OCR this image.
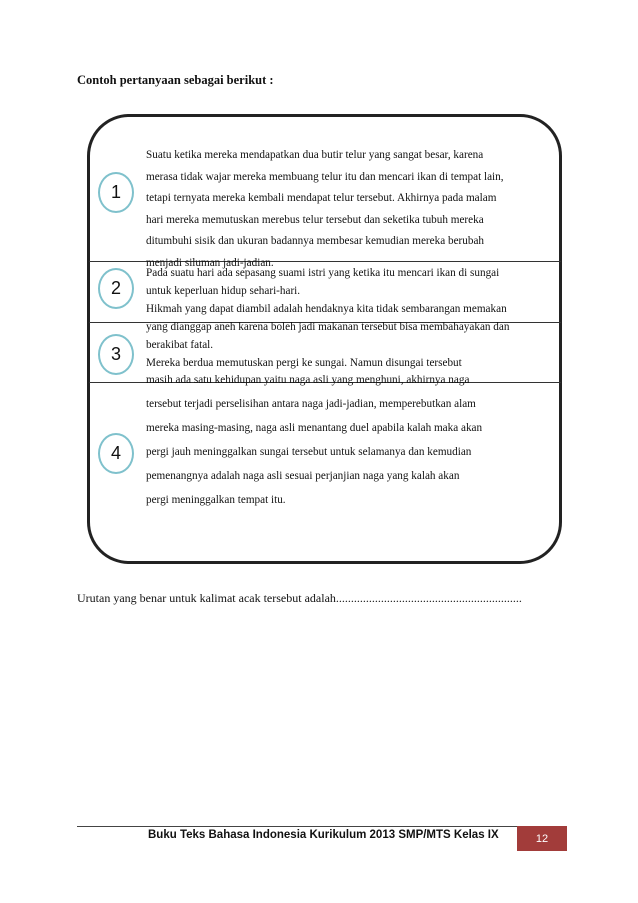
Contoh pertanyaan sebagai berikut :
1
2
3
4
Suatu ketika mereka mendapatkan dua butir telur yang sangat besar, karena
merasa tidak wajar mereka membuang telur itu dan mencari ikan di tempat lain,
tetapi ternyata mereka kembali mendapat telur tersebut. Akhirnya pada malam
hari mereka memutuskan merebus telur tersebut dan seketika tubuh mereka
ditumbuhi sisik dan ukuran badannya membesar kemudian mereka berubah
menjadi siluman jadi-jadian.
Pada suatu hari ada sepasang suami istri yang ketika itu mencari ikan di sungai
untuk keperluan hidup sehari-hari.
Hikmah yang dapat diambil adalah hendaknya kita tidak sembarangan memakan
yang dianggap aneh karena boleh jadi makanan tersebut bisa membahayakan dan
berakibat fatal.
Mereka berdua memutuskan pergi ke sungai. Namun disungai tersebut
masih ada satu kehidupan yaitu naga asli yang menghuni, akhirnya naga
tersebut terjadi perselisihan antara naga jadi-jadian, memperebutkan alam
mereka masing-masing, naga asli menantang duel apabila kalah maka akan
pergi jauh meninggalkan sungai tersebut untuk selamanya dan kemudian
pemenangnya adalah naga asli sesuai perjanjian naga yang kalah akan
pergi meninggalkan tempat itu.
Urutan yang benar untuk kalimat acak tersebut adalah..............................................................
Buku Teks Bahasa Indonesia Kurikulum 2013 SMP/MTS Kelas IX	12
